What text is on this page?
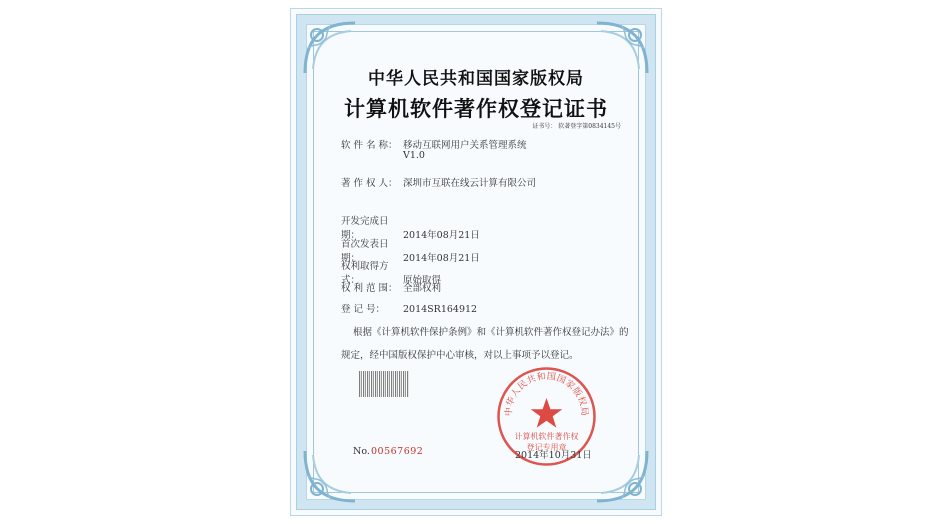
中华人民共和国国家版权局
计算机软件著作权登记证书
证书号： 软著登字第0834145号
软 件 名 称： 移动互联网用户关系管理系统
V1.0
著 作 权 人： 深圳市互联在线云计算有限公司
开发完成日期：	2014年08月21日
首次发表日期：	2014年08月21日
权利取得方式：	原始取得
权 利 范 围： 全部权利
登 记 号： 2014SR164912
根据《计算机软件保护条例》和《计算机软件著作权登记办法》的
规定，经中国版权保护中心审核，对以上事项予以登记。
No. 00567692
中华人民共和国国家版权局
计算机软件著作权
登记专用章
2014年10月31日
